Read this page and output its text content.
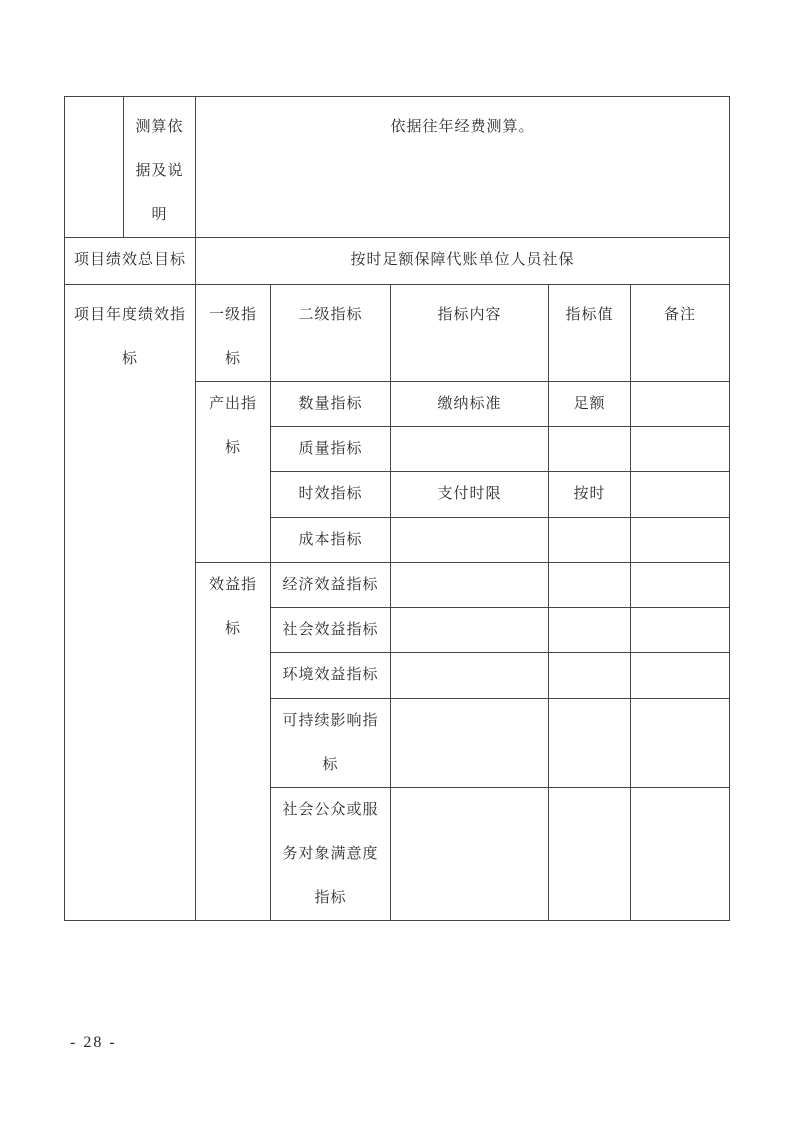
	测算依据及说明	依据往年经费测算。				
项目绩效总目标		按时足额保障代账单位人员社保				
项目年度绩效指标		一级指标	二级指标	指标内容	指标值	备注
		产出指标	数量指标	缴纳标准	足额	
			质量指标			
			时效指标	支付时限	按时	
			成本指标			
		效益指标	经济效益指标			
			社会效益指标			
			环境效益指标			
			可持续影响指标			
			社会公众或服务对象满意度指标			
- 28 -
